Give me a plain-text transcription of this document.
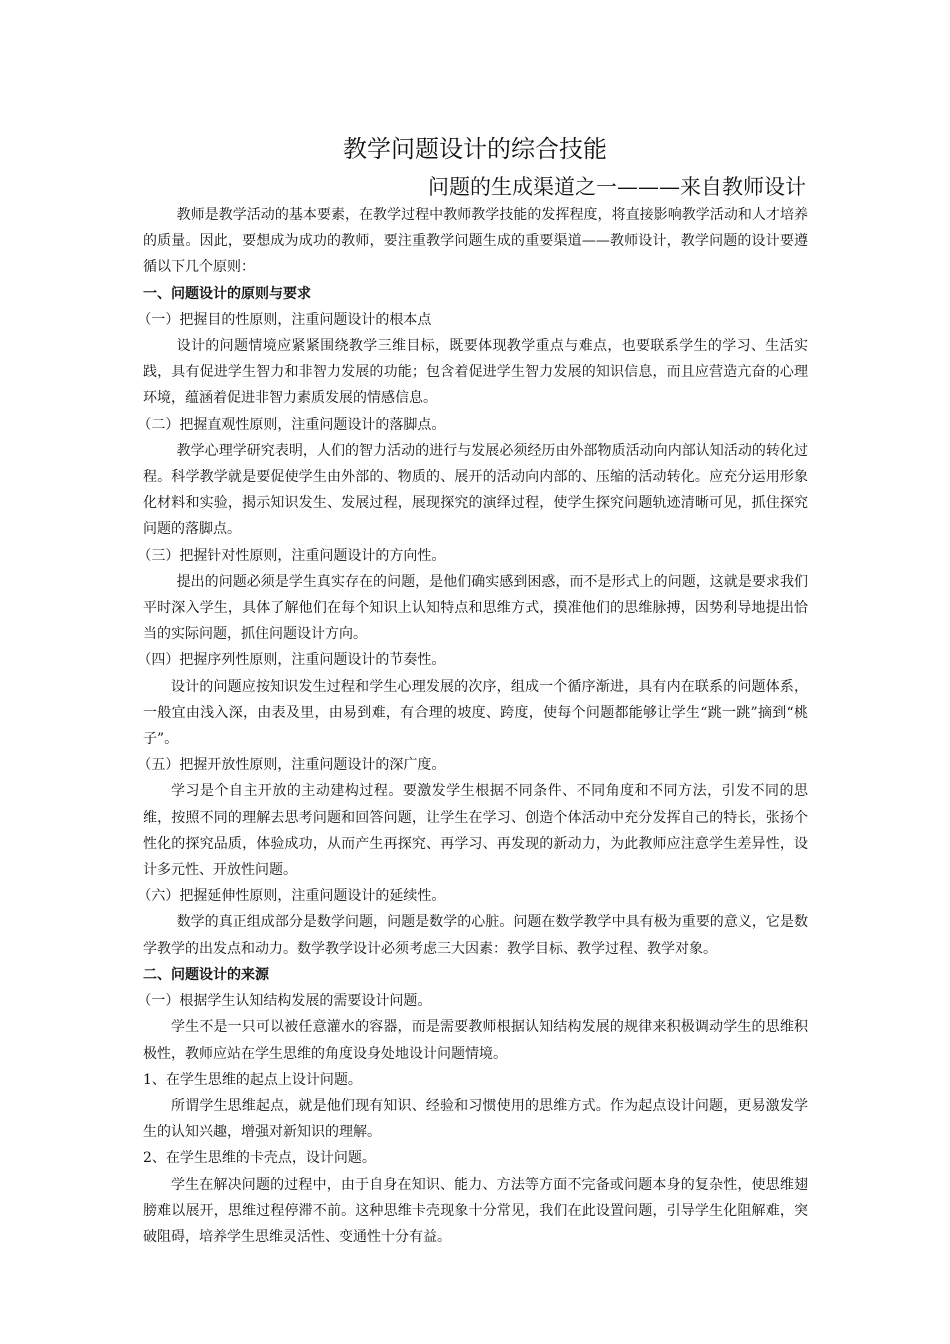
教学问题设计的综合技能
问题的生成渠道之一———来自教师设计

教师是教学活动的基本要素，在教学过程中教师教学技能的发挥程度，将直接影响教学活动和人才培养的质量。因此，要想成为成功的教师，要注重教学问题生成的重要渠道——教师设计，教学问题的设计要遵循以下几个原则：

一、问题设计的原则与要求

（一）把握目的性原则，注重问题设计的根本点

设计的问题情境应紧紧围绕教学三维目标，既要体现教学重点与难点，也要联系学生的学习、生活实践，具有促进学生智力和非智力发展的功能；包含着促进学生智力发展的知识信息，而且应营造亢奋的心理环境，蕴涵着促进非智力素质发展的情感信息。

（二）把握直观性原则，注重问题设计的落脚点。

教学心理学研究表明，人们的智力活动的进行与发展必须经历由外部物质活动向内部认知活动的转化过程。科学教学就是要促使学生由外部的、物质的、展开的活动向内部的、压缩的活动转化。应充分运用形象化材料和实验，揭示知识发生、发展过程，展现探究的演绎过程，使学生探究问题轨迹清晰可见，抓住探究问题的落脚点。

（三）把握针对性原则，注重问题设计的方向性。

提出的问题必须是学生真实存在的问题，是他们确实感到困惑，而不是形式上的问题，这就是要求我们平时深入学生，具体了解他们在每个知识上认知特点和思维方式，摸准他们的思维脉搏，因势利导地提出恰当的实际问题，抓住问题设计方向。

（四）把握序列性原则，注重问题设计的节奏性。

设计的问题应按知识发生过程和学生心理发展的次序，组成一个循序渐进，具有内在联系的问题体系，一般宜由浅入深，由表及里，由易到难，有合理的坡度、跨度，使每个问题都能够让学生“跳一跳”摘到“桃子”。

（五）把握开放性原则，注重问题设计的深广度。

学习是个自主开放的主动建构过程。要激发学生根据不同条件、不同角度和不同方法，引发不同的思维，按照不同的理解去思考问题和回答问题，让学生在学习、创造个体活动中充分发挥自己的特长，张扬个性化的探究品质，体验成功，从而产生再探究、再学习、再发现的新动力，为此教师应注意学生差异性，设计多元性、开放性问题。

（六）把握延伸性原则，注重问题设计的延续性。

数学的真正组成部分是数学问题，问题是数学的心脏。问题在数学教学中具有极为重要的意义，它是数学教学的出发点和动力。数学教学设计必须考虑三大因素：教学目标、教学过程、教学对象。

二、问题设计的来源

（一）根据学生认知结构发展的需要设计问题。

学生不是一只可以被任意灌水的容器，而是需要教师根据认知结构发展的规律来积极调动学生的思维积极性，教师应站在学生思维的角度设身处地设计问题情境。

1、在学生思维的起点上设计问题。

所谓学生思维起点，就是他们现有知识、经验和习惯使用的思维方式。作为起点设计问题，更易激发学生的认知兴趣，增强对新知识的理解。

2、在学生思维的卡壳点，设计问题。

学生在解决问题的过程中，由于自身在知识、能力、方法等方面不完备或问题本身的复杂性，使思维翅膀难以展开，思维过程停滞不前。这种思维卡壳现象十分常见，我们在此设置问题，引导学生化阻解难，突破阻碍，培养学生思维灵活性、变通性十分有益。
